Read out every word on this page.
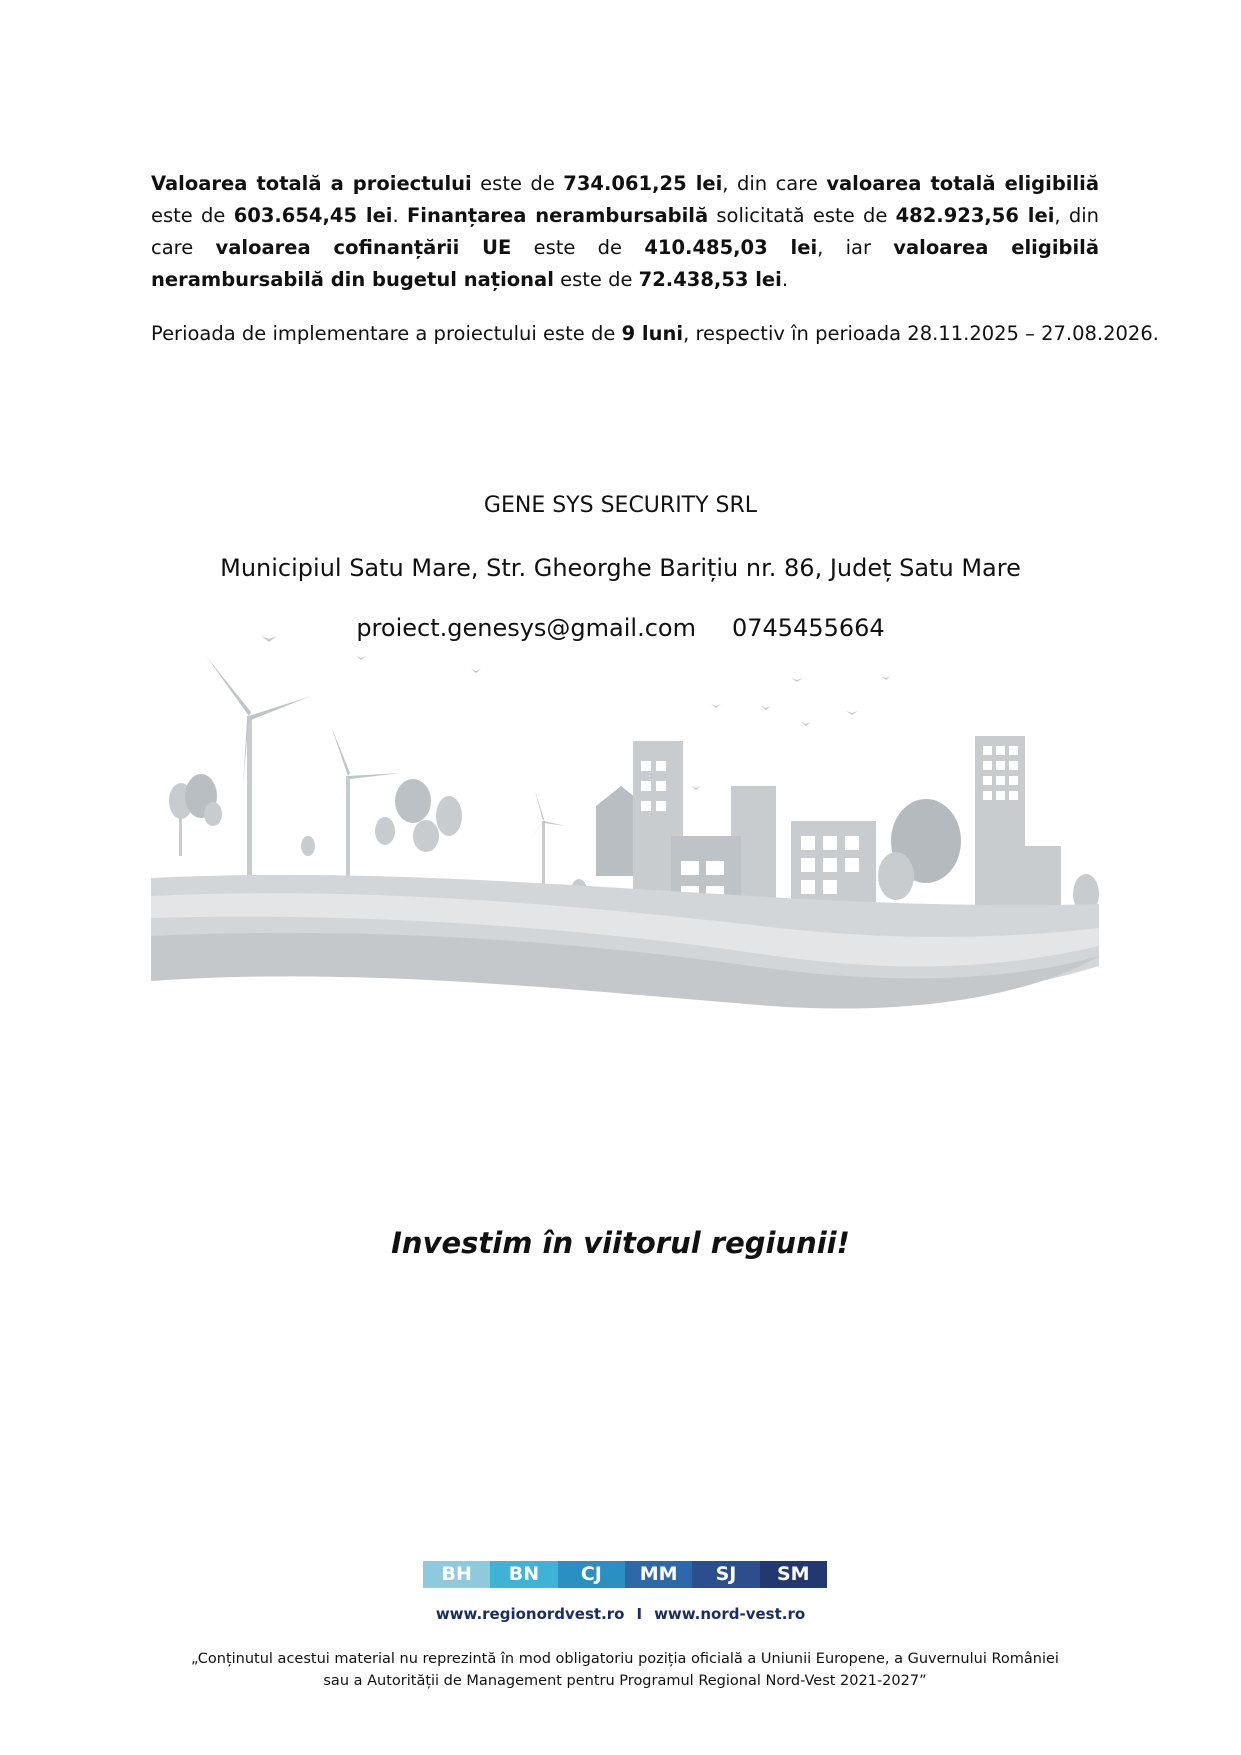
Valoarea totală a proiectului este de 734.061,25 lei, din care valoarea totală eligibiliă este de 603.654,45 lei. Finanțarea nerambursabilă solicitată este de 482.923,56 lei, din care valoarea cofinanțării UE este de 410.485,03 lei, iar valoarea eligibilă nerambursabilă din bugetul național este de 72.438,53 lei.

Perioada de implementare a proiectului este de 9 luni, respectiv în perioada 28.11.2025 – 27.08.2026.

GENE SYS SECURITY SRL
Municipiul Satu Mare, Str. Gheorghe Barițiu nr. 86, Județ Satu Mare
proiect.genesys@gmail.com 0745455664
Investim în viitorul regiunii!
BH	BN	CJ	MM	SJ	SM
www.regionordvest.ro I www.nord-vest.ro
„Conținutul acestui material nu reprezintă în mod obligatoriu poziția oficială a Uniunii Europene, a Guvernului României sau a Autorității de Management pentru Programul Regional Nord-Vest 2021-2027”
